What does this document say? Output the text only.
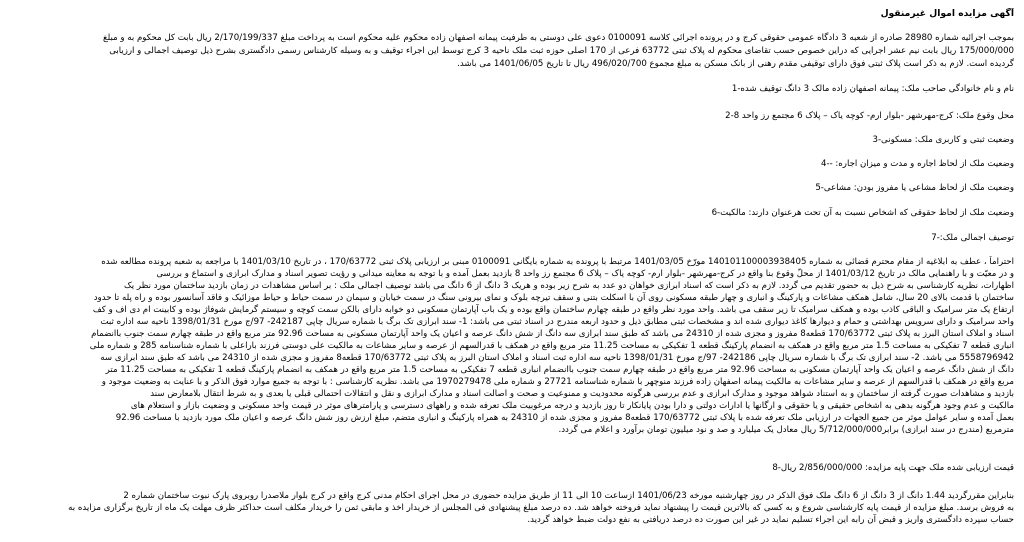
آگهی مزایده اموال غیرمنقول
بموجب اجرائیه شماره 28980 صادره از شعبه 3 دادگاه عمومی حقوقی کرج و در پرونده اجرائی کلاسه 0100091 دعوی علی دوستی به طرفیت پیمانه اصفهان زاده محکوم علیه محکوم است به پرداخت مبلغ 2/170/199/337 ریال بابت کل محکوم به و مبلغ
175/000/000 ریال بابت نیم عشر اجرایی که دراین خصوص حسب تقاضای محکوم له پلاک ثبتی 63772 فرعی از 170 اصلی حوزه ثبت ملک ناحیه 3 کرج توسط این اجراء توقیف و به وسیله کارشناس رسمی دادگستری بشرح ذیل توصیف اجمالی و ارزیابی
گردیده است. لازم به ذکر است پلاک ثبتی فوق دارای توقیفی مقدم رهنی از بانک مسکن به مبلغ مجموع 496/020/700 ریال تا تاریخ 1401/06/05 می باشد.
نام و نام خانوادگی صاحب ملک: پیمانه اصفهان زاده مالک 3 دانگ توقیف شده-1
محل وقوع ملک: کرج-مهرشهر -بلوار ارم- کوچه یاک – پلاک 6 مجتمع رز واحد 8-2
وضعیت ثبتی و کاربری ملک: مسکونی-3
وضعیت ملک از لحاظ اجاره و مدت و میزان اجاره: --4
وضعیت ملک از لحاظ مشاعی یا مفروز بودن: مشاعی-5
وضعیت ملک از لحاظ حقوقی که اشخاص نسبت به آن تحت هرعنوان دارند: مالکیت-6
توصیف اجمالی ملک:-7
احتراماً ، عطف به ابلاغیه از مقام محترم قضائی به شماره 140101100003938405 مورّخ 1401/03/05 مرتبط با پرونده به شماره بایگانی 0100091 مبنی بر ارزیابی پلاک ثبتی 170/63772 ، در تاریخ 1401/03/10 با مراجعه به شعبه پرونده مطالعه شده
و در معیّت و با راهنمایی مالک در تاریخ 1401/03/12 از محلّ وقوع بنا واقع در کرج-مهرشهر -بلوار ارم- کوچه یاک – پلاک 6 مجتمع رز واحد 8 بازدید بعمل آمده و با توجه به معاینه میدانی و رؤیت تصویر اسناد و مدارک ابرازی و استماع و بررسی
اظهارات، نظریه کارشناسی به شرح ذیل به حضور تقدیم می گردد. لازم به ذکر است که اسناد ابرازی خواهان دو عدد به شرح زیر بوده و هریک 3 دانگ از 6 دانگ می باشد توصیف اجمالی ملک : بر اساس مشاهدات در زمان بازدید ساختمان مورد نظر یک
ساختمان با قدمت بالای 20 سال، شامل همکف مشاعات و پارکینگ و انباری و چهار طبقه مسکونی روی آن با اسکلت بتنی و سقف تیرچه بلوک و نمای بیرونی سنگ در سمت خیابان و سیمان در سمت حیاط و حیاط موزائیک و فاقد آسانسور بوده و راه پله تا حدود
ارتفاع یک متر سرامیک و الباقی کاذب بوده و همکف سرامیک تا زیر سقف می باشد. واحد مورد نظر واقع در طبقه چهارم ساختمان واقع بوده و یک باب آپارتمان مسکونی دو خوابه دارای بالکن سمت کوچه و سیستم گرمایش شوفاژ بوده و کابینت ام دی اف و کف
واحد سرامیک و دارای سرویس بهداشتی و حمام و دیوارها کاغذ دیواری شده اند و مشخصات ثبتی مطابق ذیل و حدود اربعه مندرج در اسناد ثبتی می باشد: 1- سند ابرازی تک برگ با شماره سریال چاپی 242187- 97/ج مورخ 1398/01/31 ناحیه سه اداره ثبت
اسناد و املاک استان البرز به پلاک ثبتی 170/63772 قطعه8 مفروز و مجزی شده از 24310 می باشد که طبق سند ابرازی سه دانگ از شش دانگ عرصه و اعیان یک واحد آپارتمان مسکونی به مساحت 92.96 متر مربع واقع در طبقه چهارم سمت جنوب باانضمام
انباری قطعه 7 تفکیکی به مساحت 1.5 متر مربع واقع در همکف به انضمام پارکینگ قطعه 1 تفکیکی به مساحت 11.25 متر مربع واقع در همکف با قدرالسهم از عرصه و سایر مشاعات به مالکیت علی دوستی فرزند باراعلی با شماره شناسنامه 285 و شماره ملی
5558796942 می باشد. 2- سند ابرازی تک برگ با شماره سریال چاپی 242186- 97/ج مورخ 1398/01/31 ناحیه سه اداره ثبت اسناد و املاک استان البرز به پلاک ثبتی 170/63772 قطعه8 مفروز و مجزی شده از 24310 می باشد که طبق سند ابرازی سه
دانگ از شش دانگ عرصه و اعیان یک واحد آپارتمان مسکونی به مساحت 92.96 متر مربع واقع در طبقه چهارم سمت جنوب باانضمام انباری قطعه 7 تفکیکی به مساحت 1.5 متر مربع واقع در همکف به انضمام پارکینگ قطعه 1 تفکیکی به مساحت 11.25 متر
مربع واقع در همکف با قدرالسهم از عرصه و سایر مشاعات به مالکیت پیمانه اصفهان زاده فرزند منوچهر با شماره شناسنامه 27721 و شماره ملی 1970279478 می باشد. نظریه کارشناسی : با توجه به جمیع موارد فوق الذکر و با عنایت به وضعیت موجود و
بازدید و مشاهدات صورت گرفته از ساختمان و به استناد شواهد موجود و مدارک ابرازی و عدم بررسی هرگونه محدودیت و ممنوعیت و صحت و اصالت اسناد و مدارک ابرازی و نقل و انتقالات احتمالی قبلی یا بعدی و به شرط انتقال بلامعارض سند
مالکیت و عدم وجود هرگونه بدهی به اشخاص حقیقی و یا حقوقی و ارگانها یا ادارات دولتی و دارا بودن پایانکار تا روز بازدید و درجه مرغوبیت ملک تعرفه شده و راههای دسترسی و پارامترهای موثر در قیمت واحد مسکونی و وضعیت بازار و استعلام های
بعمل آمده و سایر عوامل موثر من جمیع الجهات در ارزیابی ملک تعرفه شده با پلاک ثبتی 170/63772 قطعه8 مفروز و مجزی شده از 24310 به همراه پارکینگ و انباری متضم، مبلغ ارزش روز شش دانگ عرصه و اعیان ملک مورد بازدید با مساحت 92.96
مترمربع (مندرج در سند ابرازی) برابر5/712/000/000 ریال معادل یک میلیارد و صد و نود میلیون تومان برآورد و اعلام می گردد.
قیمت ارزیابی شده ملک جهت پایه مزایده: 2/856/000/000 ریال-8
بنابراین مقررگردید 1.44 دانگ از 3 دانگ از 6 دانگ ملک فوق الذکر در روز چهارشنبه مورخه 1401/06/23 ازساعت 10 الی 11 از طریق مزایده حضوری در محل اجرای احکام مدنی کرج واقع در کرج بلوار ملاصدرا روبروی پارک نبوت ساختمان شماره 2
به فروش برسد. مبلغ مزایده از قیمت پایه کارشناسی شروع و به کسی که بالاترین قیمت را پیشنهاد نماید فروخته خواهد شد. ده درصد مبلغ پیشنهادی فی المجلس از خریدار اخذ و مابقی ثمن را خریدار مکلف است حداکثر ظرف مهلت یک ماه از تاریخ برگزاری مزایده به
حساب سپرده دادگستری واریز و قبض آن رابه این اجراء تسلیم نماید در غیر این صورت ده درصد دریافتی به نفع دولت ضبط خواهد گردید.
